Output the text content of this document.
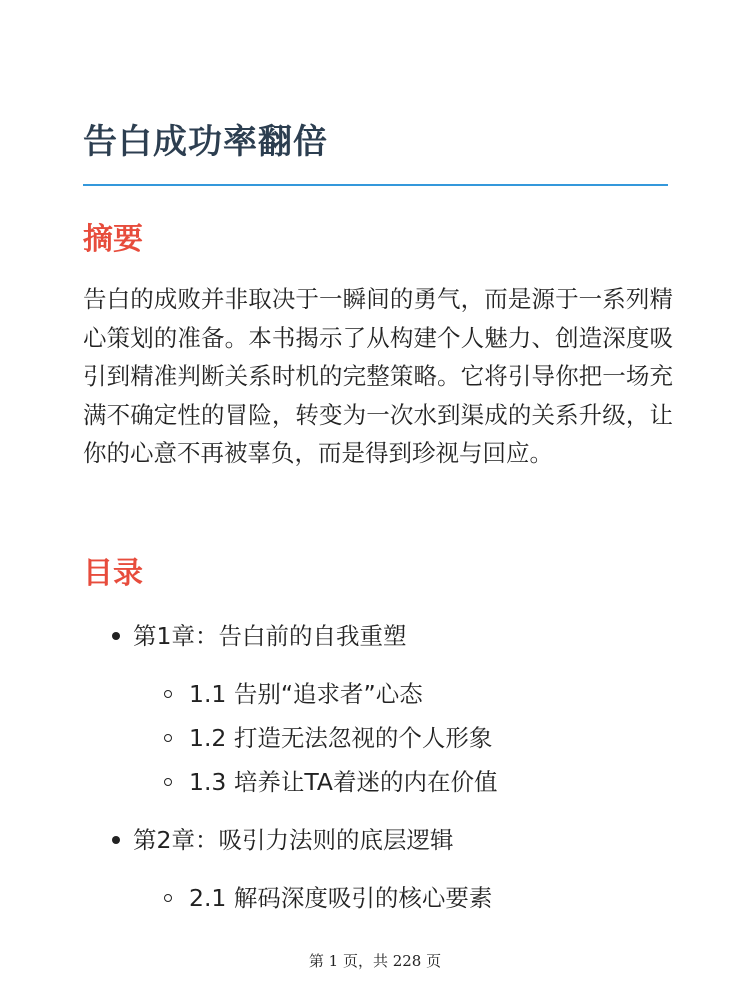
告白成功率翻倍
摘要

告白的成败并非取决于一瞬间的勇气，而是源于一系列精心策划的准备。本书揭示了从构建个人魅力、创造深度吸引到精准判断关系时机的完整策略。它将引导你把一场充满不确定性的冒险，转变为一次水到渠成的关系升级，让你的心意不再被辜负，而是得到珍视与回应。

目录

第1章：告白前的自我重塑

1.1 告别“追求者”心态

1.2 打造无法忽视的个人形象

1.3 培养让TA着迷的内在价值

第2章：吸引力法则的底层逻辑

2.1 解码深度吸引的核心要素

第 1 页，共 228 页
